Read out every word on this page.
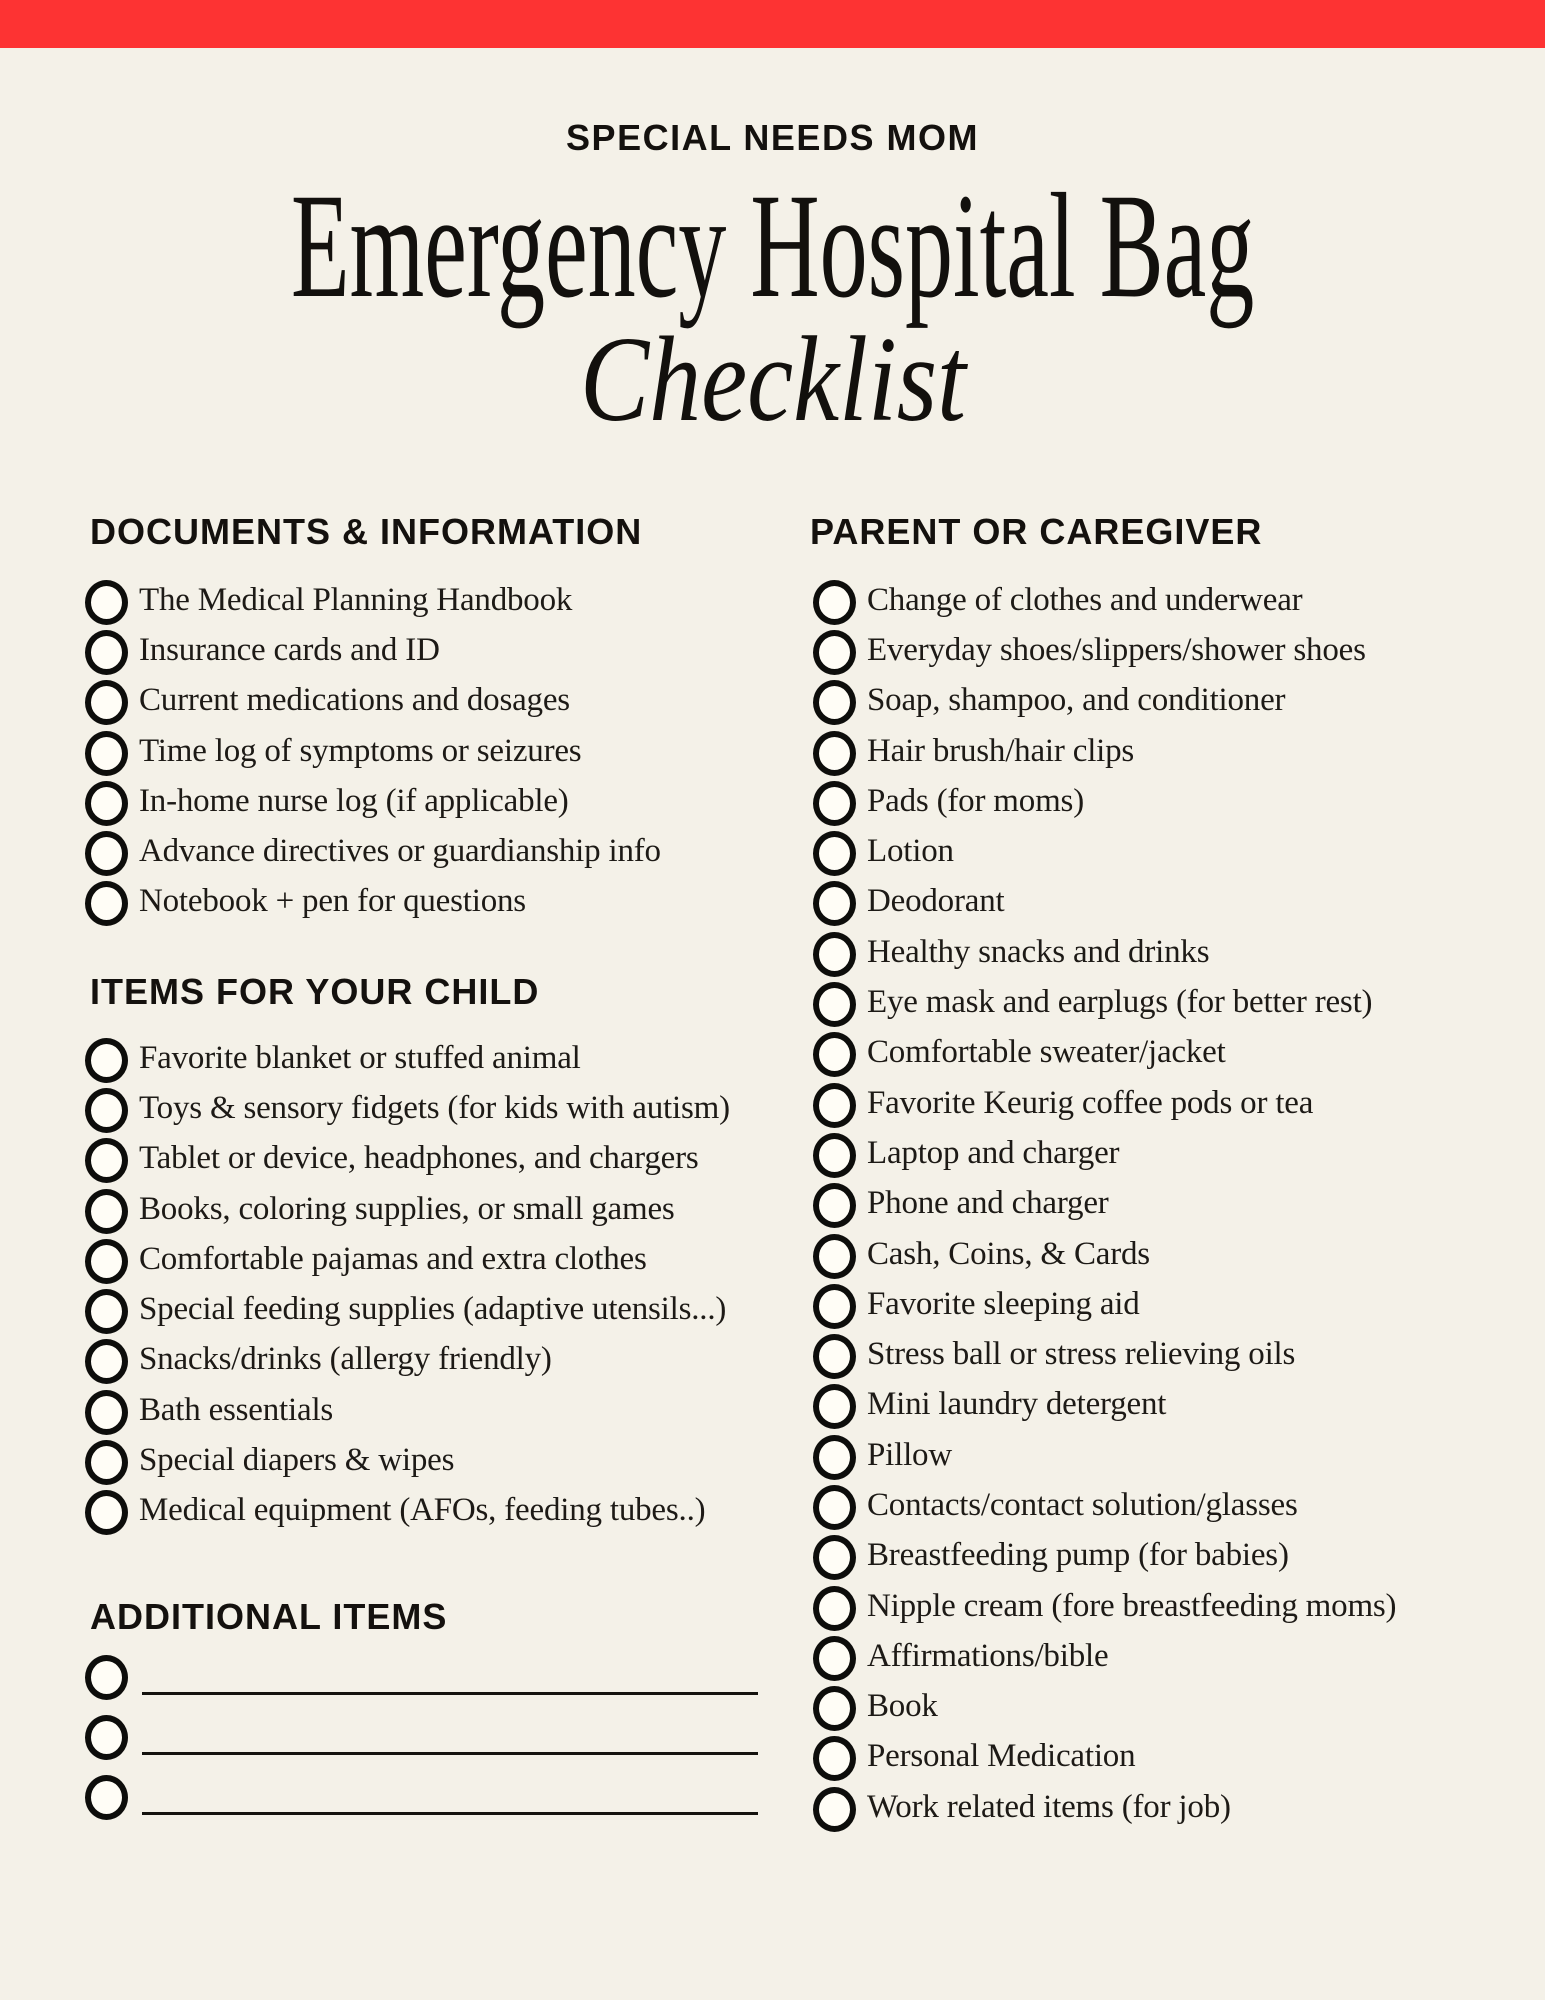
SPECIAL NEEDS MOM
Emergency Hospital Bag
Checklist
DOCUMENTS & INFORMATION
The Medical Planning Handbook
Insurance cards and ID
Current medications and dosages
Time log of symptoms or seizures
In-home nurse log (if applicable)
Advance directives or guardianship info
Notebook + pen for questions
ITEMS FOR YOUR CHILD
Favorite blanket or stuffed animal
Toys & sensory fidgets (for kids with autism)
Tablet or device, headphones, and chargers
Books, coloring supplies, or small games
Comfortable pajamas and extra clothes
Special feeding supplies (adaptive utensils...)
Snacks/drinks (allergy friendly)
Bath essentials
Special diapers & wipes
Medical equipment (AFOs, feeding tubes..)
ADDITIONAL ITEMS
PARENT OR CAREGIVER
Change of clothes and underwear
Everyday shoes/slippers/shower shoes
Soap, shampoo, and conditioner
Hair brush/hair clips
Pads (for moms)
Lotion
Deodorant
Healthy snacks and drinks
Eye mask and earplugs (for better rest)
Comfortable sweater/jacket
Favorite Keurig coffee pods or tea
Laptop and charger
Phone and charger
Cash, Coins, & Cards
Favorite sleeping aid
Stress ball or stress relieving oils
Mini laundry detergent
Pillow
Contacts/contact solution/glasses
Breastfeeding pump (for babies)
Nipple cream (fore breastfeeding moms)
Affirmations/bible
Book
Personal Medication
Work related items (for job)
